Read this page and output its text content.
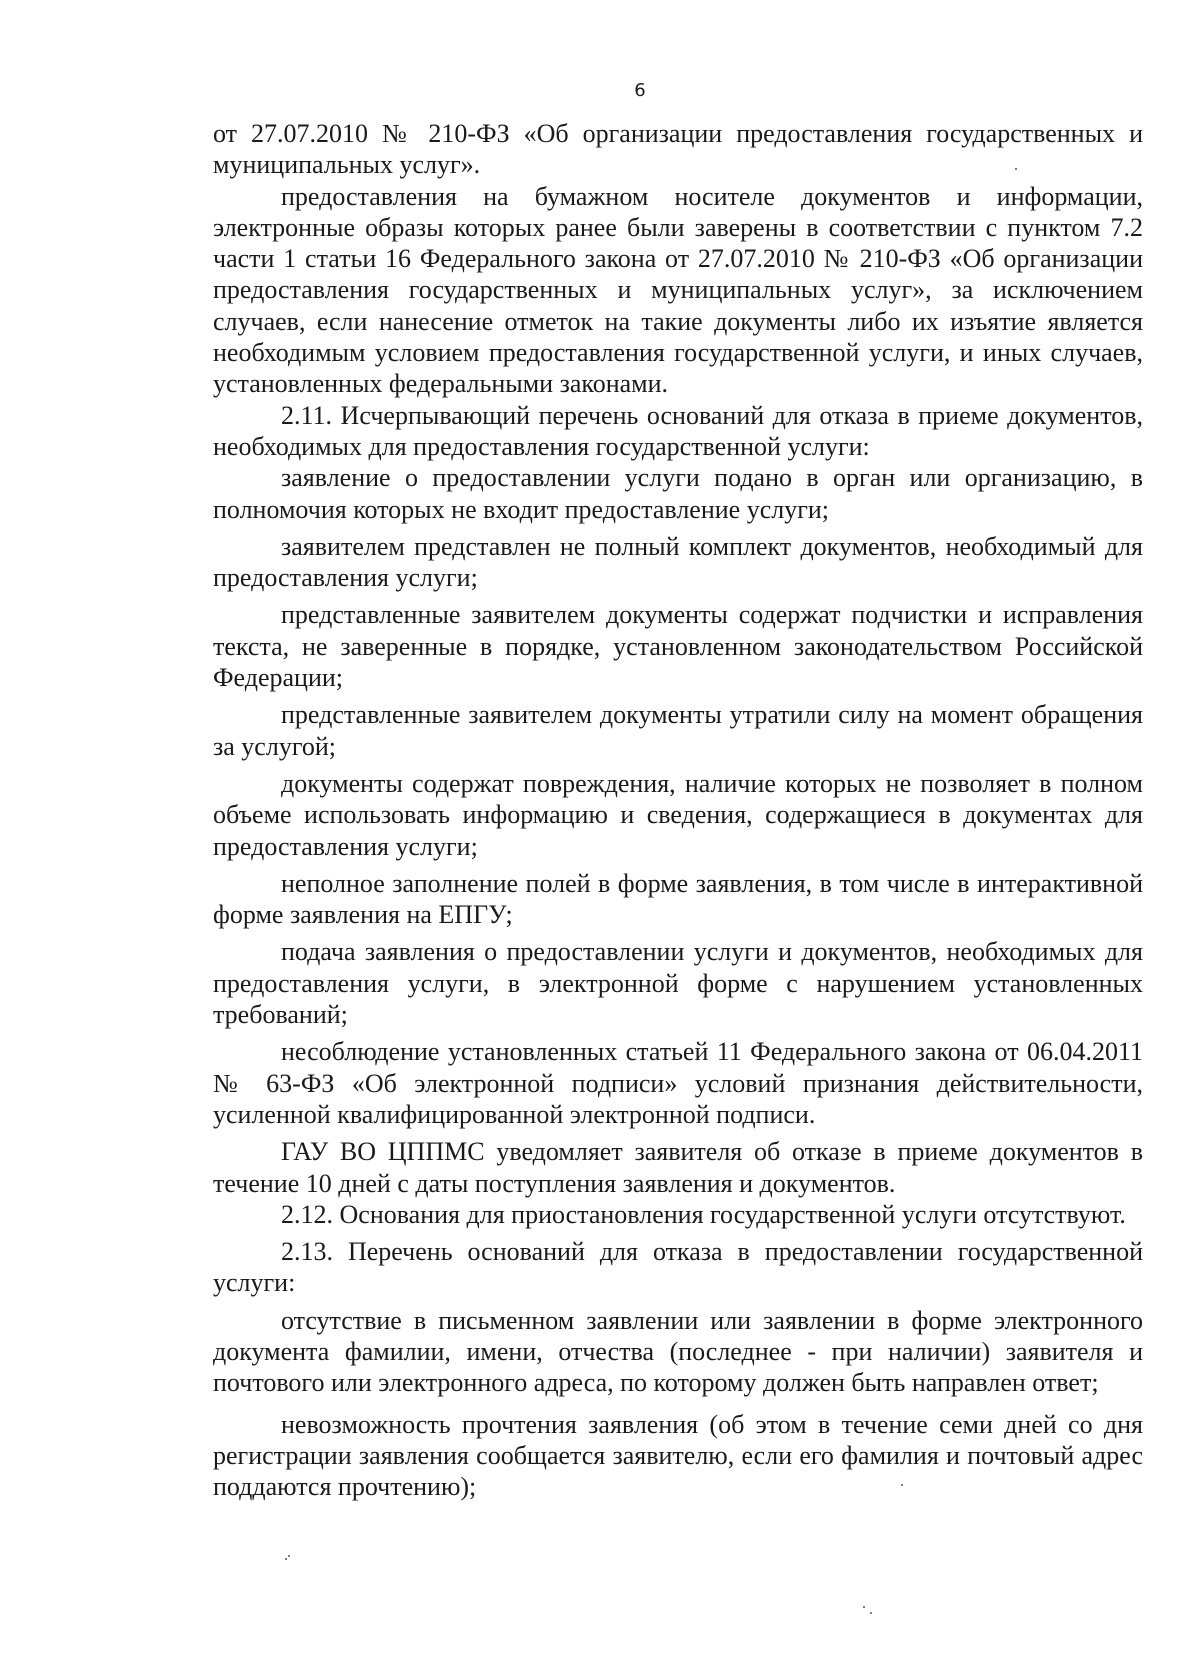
6

от 27.07.2010 № 210-ФЗ «Об организации предоставления государственных и муниципальных услуг».

предоставления на бумажном носителе документов и информации, электронные образы которых ранее были заверены в соответствии с пунктом 7.2 части 1 статьи 16 Федерального закона от 27.07.2010 № 210-ФЗ «Об организации предоставления государственных и муниципальных услуг», за исключением случаев, если нанесение отметок на такие документы либо их изъятие является необходимым условием предоставления государственной услуги, и иных случаев, установленных федеральными законами.

2.11. Исчерпывающий перечень оснований для отказа в приеме документов, необходимых для предоставления государственной услуги:

заявление о предоставлении услуги подано в орган или организацию, в полномочия которых не входит предоставление услуги;

заявителем представлен не полный комплект документов, необходимый для предоставления услуги;

представленные заявителем документы содержат подчистки и исправления текста, не заверенные в порядке, установленном законодательством Российской Федерации;

представленные заявителем документы утратили силу на момент обращения за услугой;

документы содержат повреждения, наличие которых не позволяет в полном объеме использовать информацию и сведения, содержащиеся в документах для предоставления услуги;

неполное заполнение полей в форме заявления, в том числе в интерактивной форме заявления на ЕПГУ;

подача заявления о предоставлении услуги и документов, необходимых для предоставления услуги, в электронной форме с нарушением установленных требований;

несоблюдение установленных статьей 11 Федерального закона от 06.04.2011 № 63-ФЗ «Об электронной подписи» условий признания действительности, усиленной квалифицированной электронной подписи.

ГАУ ВО ЦППМС уведомляет заявителя об отказе в приеме документов в течение 10 дней с даты поступления заявления и документов.

2.12. Основания для приостановления государственной услуги отсутствуют.

2.13. Перечень оснований для отказа в предоставлении государственной услуги:

отсутствие в письменном заявлении или заявлении в форме электронного документа фамилии, имени, отчества (последнее - при наличии) заявителя и почтового или электронного адреса, по которому должен быть направлен ответ;

невозможность прочтения заявления (об этом в течение семи дней со дня регистрации заявления сообщается заявителю, если его фамилия и почтовый адрес поддаются прочтению);
